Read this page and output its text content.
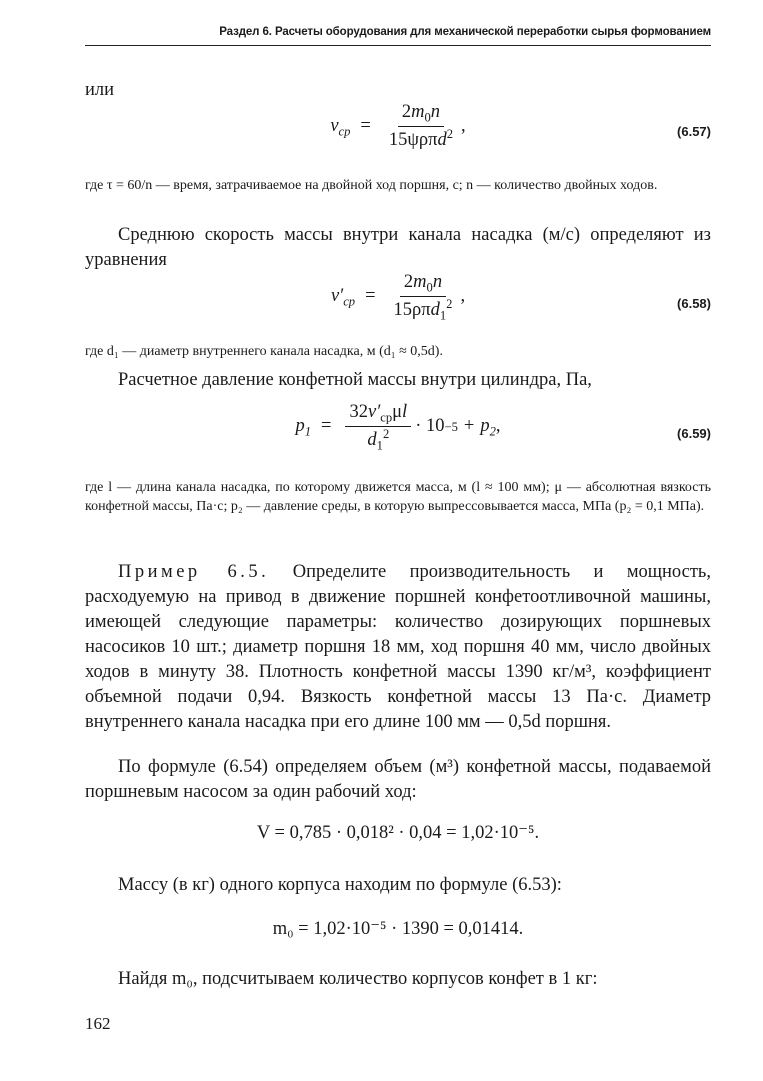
Раздел 6. Расчеты оборудования для механической переработки сырья формованием

или

$v_{ср} = \frac{2m_0n}{15\psi\rho\pi d^2}$ ,	(6.57)

где τ = 60/n — время, затрачиваемое на двойной ход поршня, с; n — количество двойных ходов.

Среднюю скорость массы внутри канала насадка (м/с) определяют из уравнения

$v'_{ср} = \frac{2m_0n}{15\rho\pi d_1^2}$ ,	(6.58)

где d₁ — диаметр внутреннего канала насадка, м (d₁ ≈ 0,5d).

Расчетное давление конфетной массы внутри цилиндра, Па,

$p_1 = \frac{32v'_{ср}\mu l}{d_1^2} \cdot 10 -5 + p_2$ ,	(6.59)

где l — длина канала насадка, по которому движется масса, м (l ≈ 100 мм); μ — абсолютная вязкость конфетной массы, Па·с; p₂ — давление среды, в которую выпрессовывается масса, МПа (p₂ = 0,1 МПа).

Пример 6.5. Определите производительность и мощность, расходуемую на привод в движение поршней конфетоотливочной машины, имеющей следующие параметры: количество дозирующих поршневых насосиков 10 шт.; диаметр поршня 18 мм, ход поршня 40 мм, число двойных ходов в минуту 38. Плотность конфетной массы 1390 кг/м³, коэффициент объемной подачи 0,94. Вязкость конфетной массы 13 Па·с. Диаметр внутреннего канала насадка при его длине 100 мм — 0,5d поршня.

По формуле (6.54) определяем объем (м³) конфетной массы, подаваемой поршневым насосом за один рабочий ход:

V = 0,785 · 0,018² · 0,04 = 1,02·10⁻⁵.

Массу (в кг) одного корпуса находим по формуле (6.53):

m₀ = 1,02·10⁻⁵ · 1390 = 0,01414.

Найдя m₀, подсчитываем количество корпусов конфет в 1 кг:

162
